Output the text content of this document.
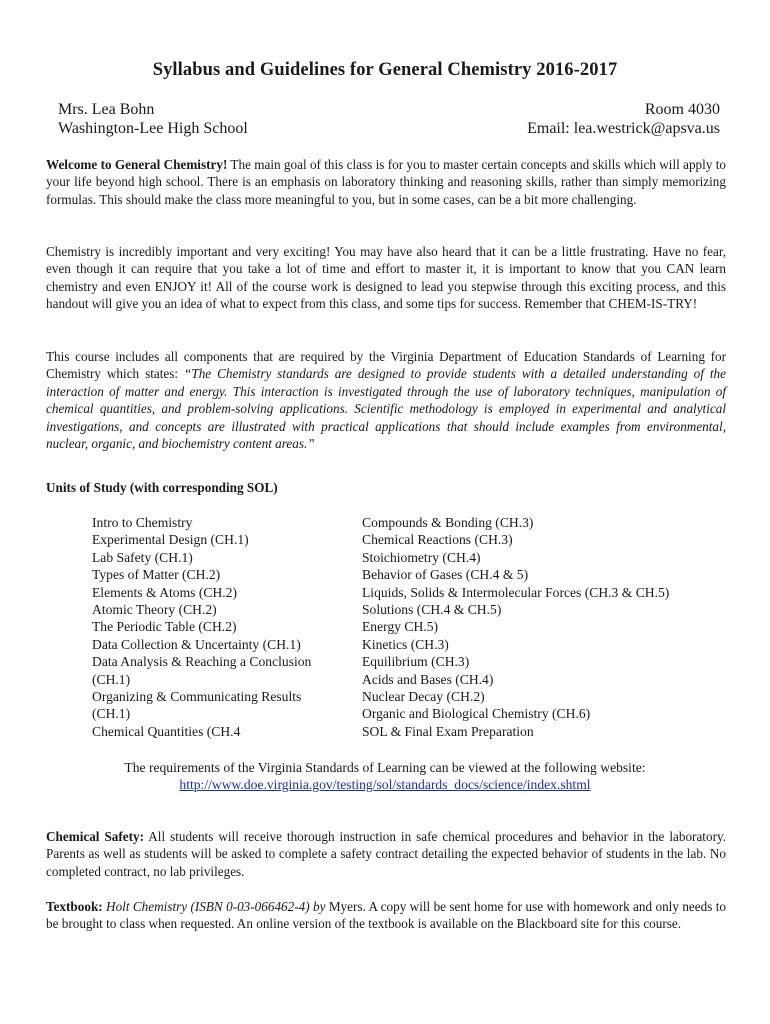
Syllabus and Guidelines for General Chemistry 2016-2017
Mrs. Lea Bohn
Washington-Lee High School
Room 4030
Email: lea.westrick@apsva.us
Welcome to General Chemistry! The main goal of this class is for you to master certain concepts and skills which will apply to your life beyond high school. There is an emphasis on laboratory thinking and reasoning skills, rather than simply memorizing formulas. This should make the class more meaningful to you, but in some cases, can be a bit more challenging.
Chemistry is incredibly important and very exciting! You may have also heard that it can be a little frustrating. Have no fear, even though it can require that you take a lot of time and effort to master it, it is important to know that you CAN learn chemistry and even ENJOY it! All of the course work is designed to lead you stepwise through this exciting process, and this handout will give you an idea of what to expect from this class, and some tips for success. Remember that CHEM-IS-TRY!
This course includes all components that are required by the Virginia Department of Education Standards of Learning for Chemistry which states: “The Chemistry standards are designed to provide students with a detailed understanding of the interaction of matter and energy. This interaction is investigated through the use of laboratory techniques, manipulation of chemical quantities, and problem-solving applications. Scientific methodology is employed in experimental and analytical investigations, and concepts are illustrated with practical applications that should include examples from environmental, nuclear, organic, and biochemistry content areas.”
Units of Study (with corresponding SOL)
Intro to Chemistry
Experimental Design (CH.1)
Lab Safety (CH.1)
Types of Matter (CH.2)
Elements & Atoms (CH.2)
Atomic Theory (CH.2)
The Periodic Table (CH.2)
Data Collection & Uncertainty (CH.1)
Data Analysis & Reaching a Conclusion
(CH.1)
Organizing & Communicating Results
(CH.1)
Chemical Quantities (CH.4
Compounds & Bonding (CH.3)
Chemical Reactions (CH.3)
Stoichiometry (CH.4)
Behavior of Gases (CH.4 & 5)
Liquids, Solids & Intermolecular Forces (CH.3 & CH.5)
Solutions (CH.4 & CH.5)
Energy CH.5)
Kinetics (CH.3)
Equilibrium (CH.3)
Acids and Bases (CH.4)
Nuclear Decay (CH.2)
Organic and Biological Chemistry (CH.6)
SOL & Final Exam Preparation
The requirements of the Virginia Standards of Learning can be viewed at the following website:
http://www.doe.virginia.gov/testing/sol/standards_docs/science/index.shtml
Chemical Safety: All students will receive thorough instruction in safe chemical procedures and behavior in the laboratory. Parents as well as students will be asked to complete a safety contract detailing the expected behavior of students in the lab. No completed contract, no lab privileges.
Textbook: Holt Chemistry (ISBN 0-03-066462-4) by Myers. A copy will be sent home for use with homework and only needs to be brought to class when requested. An online version of the textbook is available on the Blackboard site for this course.
